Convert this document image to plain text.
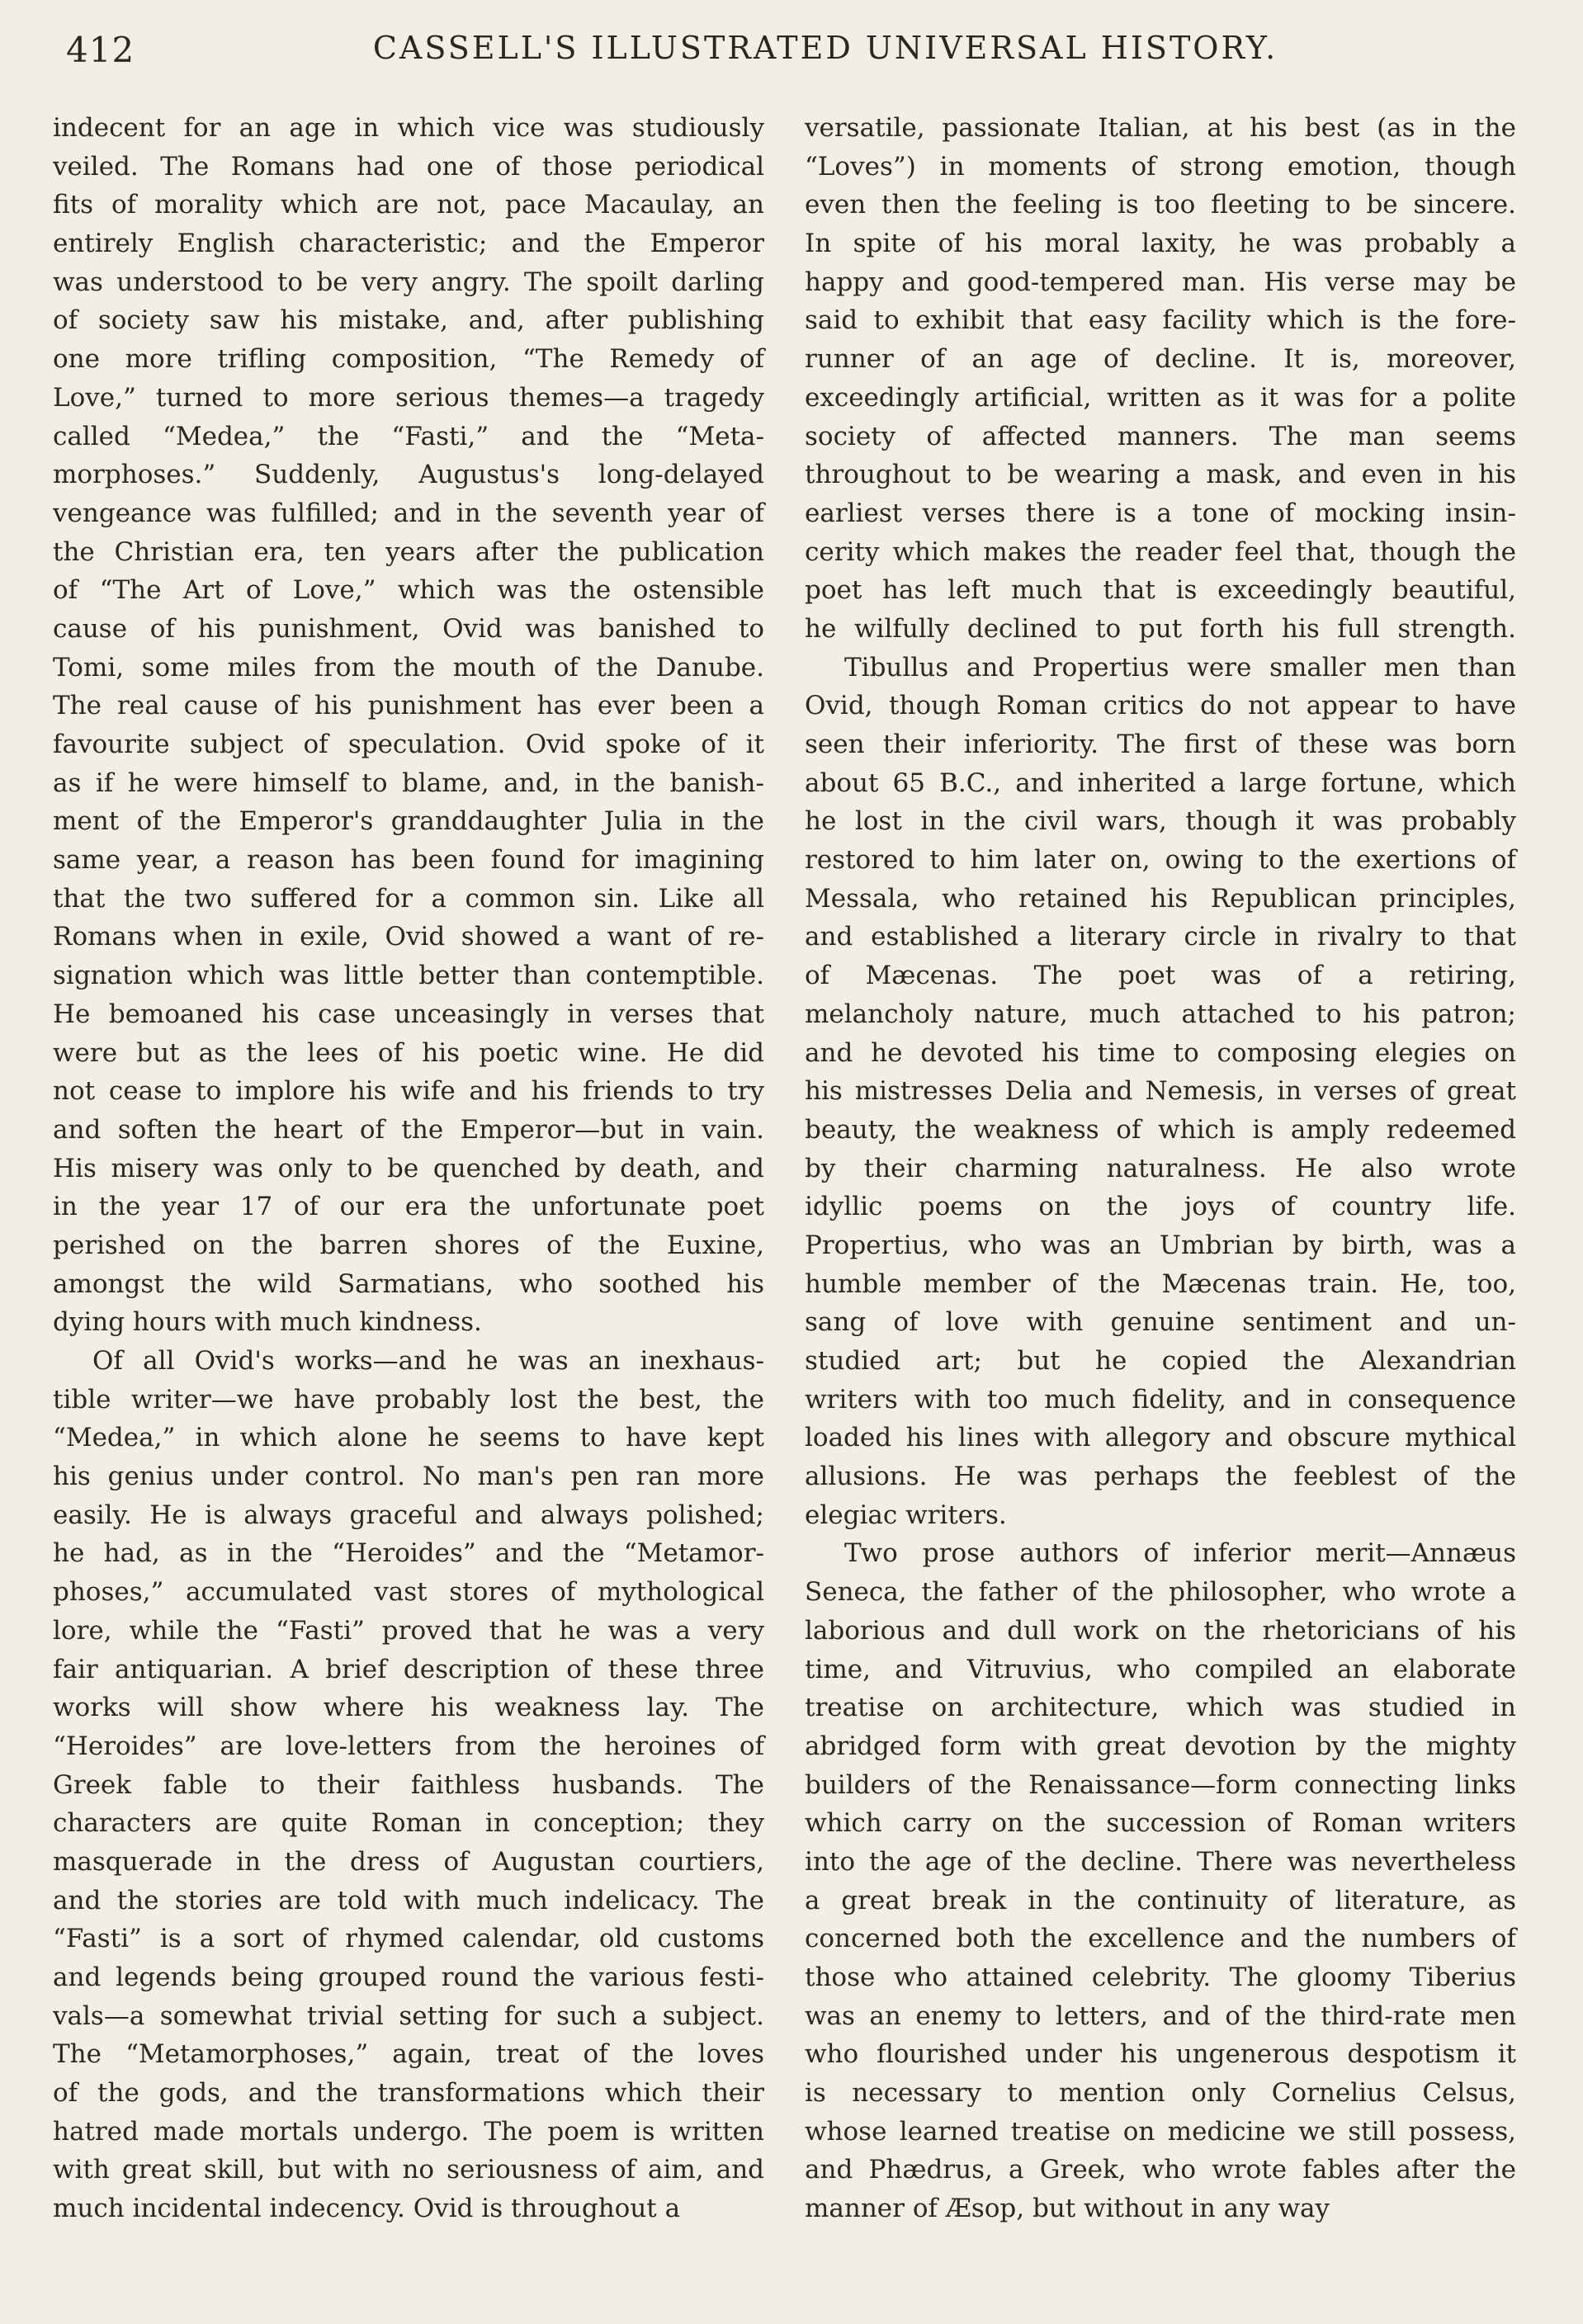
412	CASSELL'S ILLUSTRATED UNIVERSAL HISTORY.
indecent for an age in which vice was studiously
veiled. The Romans had one of those periodical
fits of morality which are not, pace Macaulay, an
entirely English characteristic; and the Emperor
was understood to be very angry. The spoilt darling
of society saw his mistake, and, after publishing
one more trifling composition, “The Remedy of
Love,” turned to more serious themes—a tragedy
called “Medea,” the “Fasti,” and the “Meta-
morphoses.” Suddenly, Augustus's long-delayed
vengeance was fulfilled; and in the seventh year of
the Christian era, ten years after the publication
of “The Art of Love,” which was the ostensible
cause of his punishment, Ovid was banished to
Tomi, some miles from the mouth of the Danube.
The real cause of his punishment has ever been a
favourite subject of speculation. Ovid spoke of it
as if he were himself to blame, and, in the banish-
ment of the Emperor's granddaughter Julia in the
same year, a reason has been found for imagining
that the two suffered for a common sin. Like all
Romans when in exile, Ovid showed a want of re-
signation which was little better than contemptible.
He bemoaned his case unceasingly in verses that
were but as the lees of his poetic wine. He did
not cease to implore his wife and his friends to try
and soften the heart of the Emperor—but in vain.
His misery was only to be quenched by death, and
in the year 17 of our era the unfortunate poet
perished on the barren shores of the Euxine,
amongst the wild Sarmatians, who soothed his
dying hours with much kindness.
Of all Ovid's works—and he was an inexhaus-
tible writer—we have probably lost the best, the
“Medea,” in which alone he seems to have kept
his genius under control. No man's pen ran more
easily. He is always graceful and always polished;
he had, as in the “Heroides” and the “Metamor-
phoses,” accumulated vast stores of mythological
lore, while the “Fasti” proved that he was a very
fair antiquarian. A brief description of these three
works will show where his weakness lay. The
“Heroides” are love-letters from the heroines of
Greek fable to their faithless husbands. The
characters are quite Roman in conception; they
masquerade in the dress of Augustan courtiers,
and the stories are told with much indelicacy. The
“Fasti” is a sort of rhymed calendar, old customs
and legends being grouped round the various festi-
vals—a somewhat trivial setting for such a subject.
The “Metamorphoses,” again, treat of the loves
of the gods, and the transformations which their
hatred made mortals undergo. The poem is written
with great skill, but with no seriousness of aim, and
much incidental indecency. Ovid is throughout a
versatile, passionate Italian, at his best (as in the
“Loves”) in moments of strong emotion, though
even then the feeling is too fleeting to be sincere.
In spite of his moral laxity, he was probably a
happy and good-tempered man. His verse may be
said to exhibit that easy facility which is the fore-
runner of an age of decline. It is, moreover,
exceedingly artificial, written as it was for a polite
society of affected manners. The man seems
throughout to be wearing a mask, and even in his
earliest verses there is a tone of mocking insin-
cerity which makes the reader feel that, though the
poet has left much that is exceedingly beautiful,
he wilfully declined to put forth his full strength.
Tibullus and Propertius were smaller men than
Ovid, though Roman critics do not appear to have
seen their inferiority. The first of these was born
about 65 B.C., and inherited a large fortune, which
he lost in the civil wars, though it was probably
restored to him later on, owing to the exertions of
Messala, who retained his Republican principles,
and established a literary circle in rivalry to that
of Mæcenas. The poet was of a retiring,
melancholy nature, much attached to his patron;
and he devoted his time to composing elegies on
his mistresses Delia and Nemesis, in verses of great
beauty, the weakness of which is amply redeemed
by their charming naturalness. He also wrote
idyllic poems on the joys of country life.
Propertius, who was an Umbrian by birth, was a
humble member of the Mæcenas train. He, too,
sang of love with genuine sentiment and un-
studied art; but he copied the Alexandrian
writers with too much fidelity, and in consequence
loaded his lines with allegory and obscure mythical
allusions. He was perhaps the feeblest of the
elegiac writers.
Two prose authors of inferior merit—Annæus
Seneca, the father of the philosopher, who wrote a
laborious and dull work on the rhetoricians of his
time, and Vitruvius, who compiled an elaborate
treatise on architecture, which was studied in
abridged form with great devotion by the mighty
builders of the Renaissance—form connecting links
which carry on the succession of Roman writers
into the age of the decline. There was nevertheless
a great break in the continuity of literature, as
concerned both the excellence and the numbers of
those who attained celebrity. The gloomy Tiberius
was an enemy to letters, and of the third-rate men
who flourished under his ungenerous despotism it
is necessary to mention only Cornelius Celsus,
whose learned treatise on medicine we still possess,
and Phædrus, a Greek, who wrote fables after the
manner of Æsop, but without in any way
